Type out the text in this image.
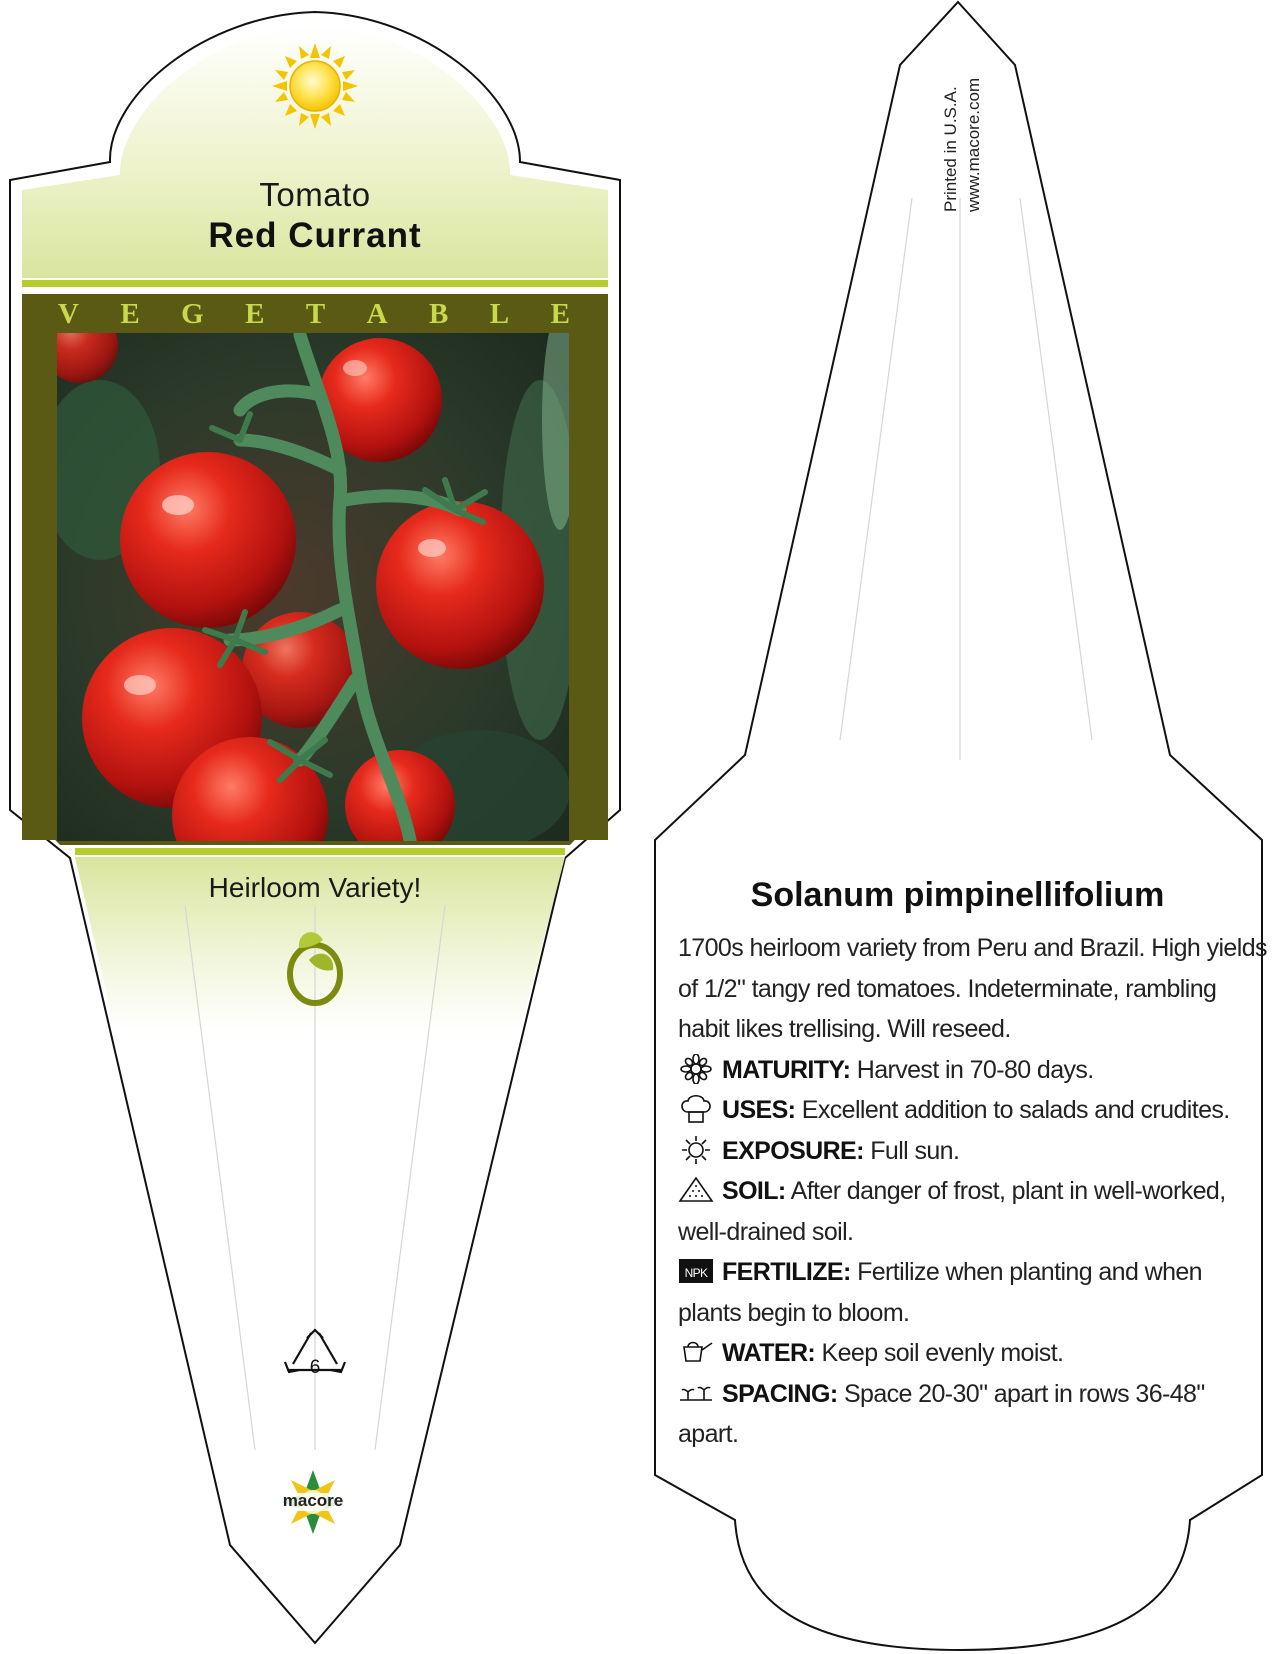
Tomato
Red Currant
V E G E T A B L E
Heirloom Variety!
6
macore
Printed in U.S.A. www.macore.com
Solanum pimpinellifolium
1700s heirloom variety from Peru and Brazil. High yields of 1/2" tangy red tomatoes. Indeterminate, rambling habit likes trellising. Will reseed.
MATURITY: Harvest in 70-80 days.
USES: Excellent addition to salads and crudites.
EXPOSURE: Full sun.
SOIL: After danger of frost, plant in well-worked, well-drained soil.
NPK FERTILIZE: Fertilize when planting and when plants begin to bloom.
WATER: Keep soil evenly moist.
SPACING: Space 20-30" apart in rows 36-48" apart.
